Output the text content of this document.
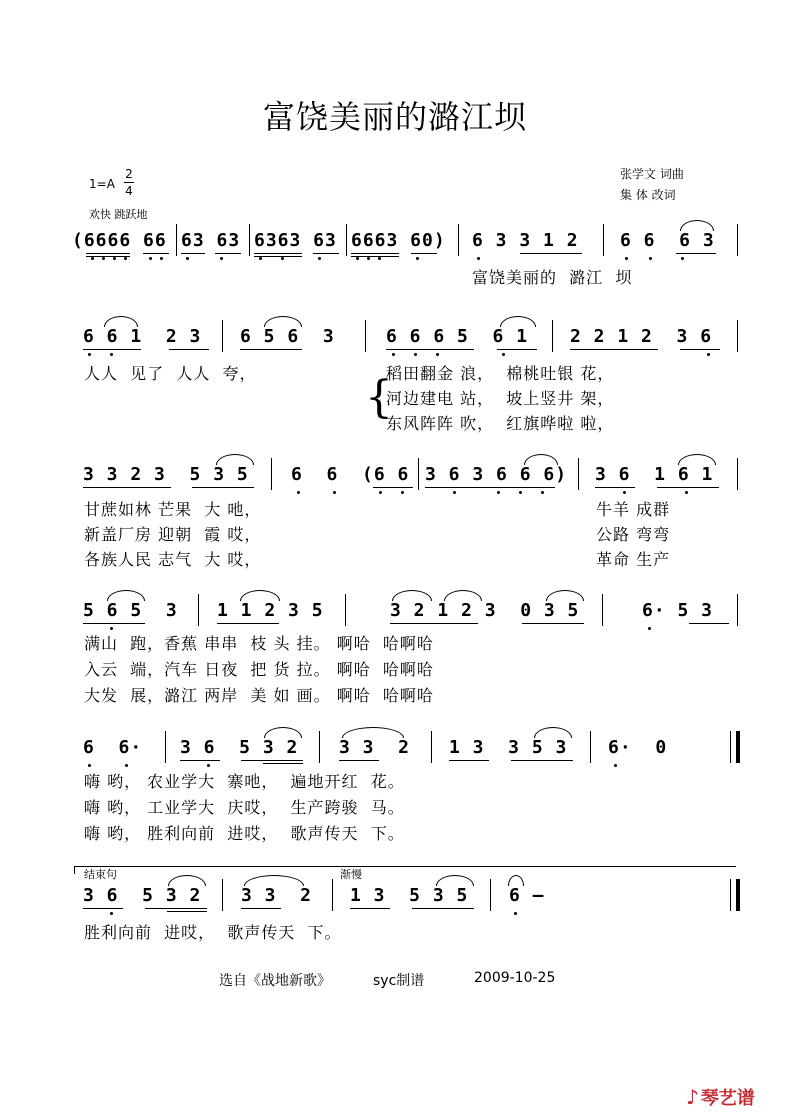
富饶美丽的潞江坝
1=A
2
4
欢快 跳跃地
张学文 词曲
集 体 改词
(6666 66 63 63 6363 63 6663 60) 6 3 3 1 2 6 6  6 3
富饶美丽的  潞江  坝
6 6 1  2 3 6 5 6  3	6 6 6 5  6 1 2 2 1 2  3 6
人人  见了  人人  夸，	稻田翻金 浪，  棉桃吐银 花，
河边建电 站，  坡上竖井 架，
东风阵阵 吹，  红旗哗啦 啦，
{
3 3 2 3  5 3 5 6  6  (6 6 3 6 3 6 6 6) 3 6  1 6 1
甘蔗如林 芒果  大 吔，
新盖厂房 迎朝  霞 哎，
各族人民 志气  大 哎，
牛羊 成群
公路 弯弯
革命 生产
5 6 5  3 1 1 2 3 5	3 2 1 2 3  0 3 5	6· 5 3
满山  跑，香蕉 串串  枝 头 挂。 啊哈  哈啊哈
入云  端，汽车 日夜  把 货 拉。 啊哈  哈啊哈
大发  展，潞江 两岸  美 如 画。 啊哈  哈啊哈
6  6· 3 6  5 3 2 3 3  2 1 3  3 5 3 6·  0
嗨 哟， 农业学大  寨吔，  遍地开红  花。
嗨 哟， 工业学大  庆哎，  生产跨骏  马。
嗨 哟， 胜利向前  进哎，  歌声传天  下。
结束句	渐慢
3 6  5 3 2 3 3  2 1 3  5 3 5 6 –
胜利向前  进哎，  歌声传天  下。
选自《战地新歌》	syc制谱	2009-10-25
♪ 琴艺谱
